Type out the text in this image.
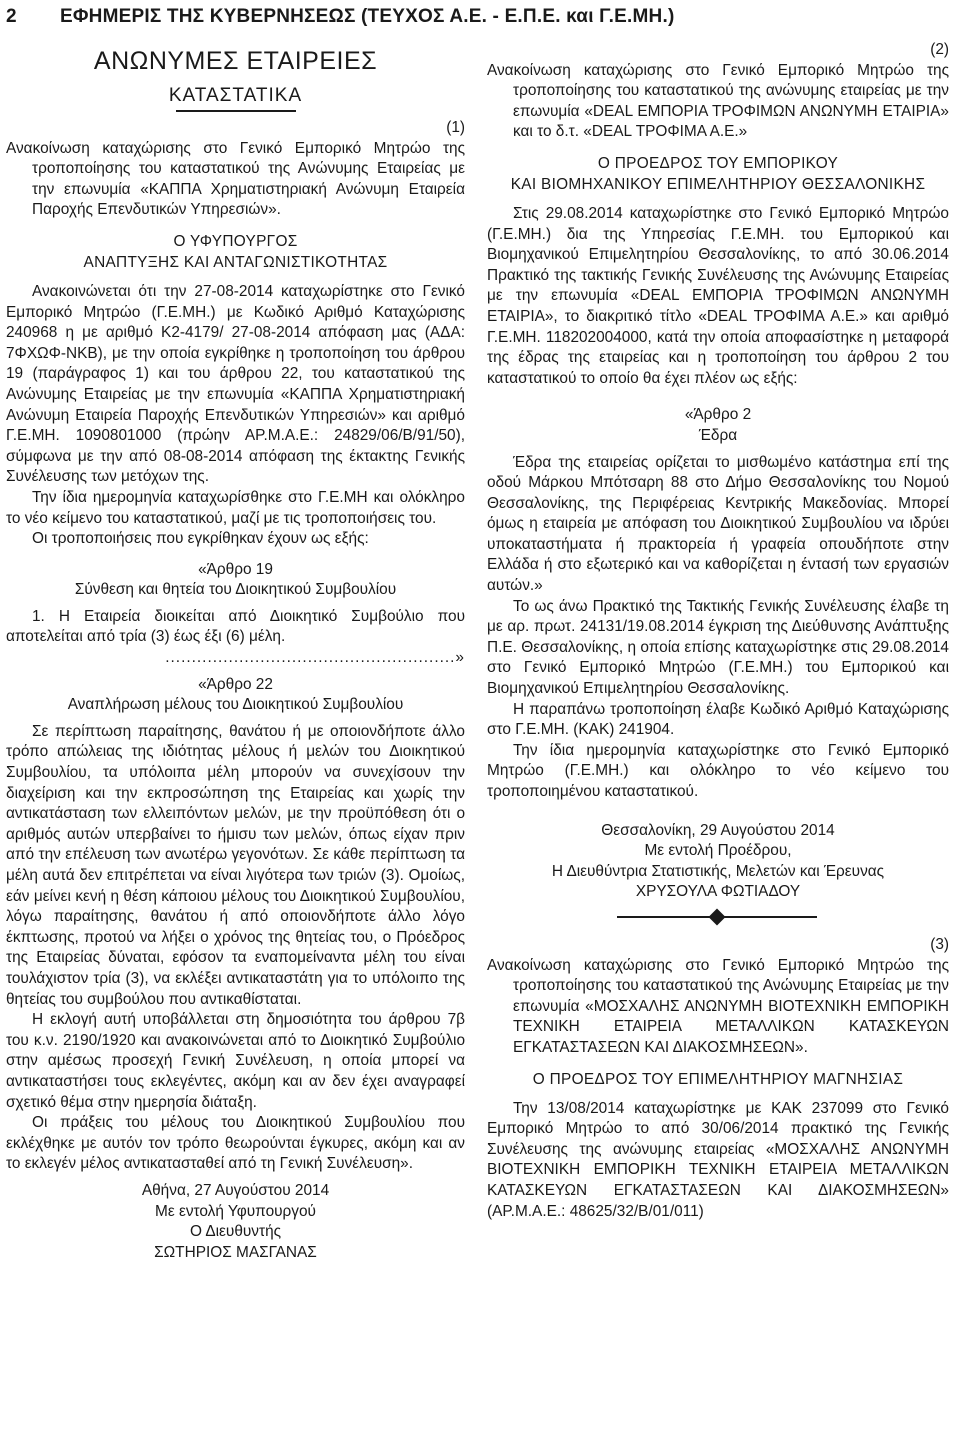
2 ΕΦΗΜΕΡΙΣ ΤΗΣ ΚΥΒΕΡΝΗΣΕΩΣ (ΤΕΥΧΟΣ Α.Ε. - Ε.Π.Ε. και Γ.Ε.ΜΗ.)
ΑΝΩΝΥΜΕΣ ΕΤΑΙΡΕΙΕΣ
ΚΑΤΑΣΤΑΤΙΚΑ
(1)
Ανακοίνωση καταχώρισης στο Γενικό Εμπορικό Μητρώο της τροποποίησης του καταστατικού της Ανώνυμης Εταιρείας με την επωνυμία «ΚΑΠΠΑ Χρηματιστηριακή Ανώνυμη Εταιρεία Παροχής Επενδυτικών Υπηρεσιών».
Ο ΥΦΥΠΟΥΡΓΟΣ
ΑΝΑΠΤΥΞΗΣ ΚΑΙ ΑΝΤΑΓΩΝΙΣΤΙΚΟΤΗΤΑΣ
Ανακοινώνεται ότι την 27-08-2014 καταχωρίστηκε στο Γενικό Εμπορικό Μητρώο (Γ.Ε.ΜΗ.) με Κωδικό Αριθμό Καταχώρισης 240968 η με αριθμό Κ2-4179/ 27-08-2014 απόφαση μας (ΑΔΑ: 7ΦΧΩΦ-ΝΚΒ), με την οποία εγκρίθηκε η τροποποίηση του άρθρου 19 (παράγραφος 1) και του άρθρου 22, του καταστατικού της Ανώνυμης Εταιρείας με την επωνυμία «ΚΑΠΠΑ Χρηματιστηριακή Ανώνυμη Εταιρεία Παροχής Επενδυτικών Υπηρεσιών» και αριθμό Γ.Ε.ΜΗ. 1090801000 (πρώην ΑΡ.Μ.Α.Ε.: 24829/06/Β/91/50), σύμφωνα με την από 08-08-2014 απόφαση της έκτακτης Γενικής Συνέλευσης των μετόχων της.
Την ίδια ημερομηνία καταχωρίσθηκε στο Γ.Ε.ΜΗ και ολόκληρο το νέο κείμενο του καταστατικού, μαζί με τις τροποποιήσεις του.
Οι τροποποιήσεις που εγκρίθηκαν έχουν ως εξής:
«Άρθρο 19
Σύνθεση και θητεία του Διοικητικού Συμβουλίου
1. Η Εταιρεία διοικείται από Διοικητικό Συμβούλιο που αποτελείται από τρία (3) έως έξι (6) μέλη.
.......................................................»
«Άρθρο 22
Αναπλήρωση μέλους του Διοικητικού Συμβουλίου
Σε περίπτωση παραίτησης, θανάτου ή με οποιονδήποτε άλλο τρόπο απώλειας της ιδιότητας μέλους ή μελών του Διοικητικού Συμβουλίου, τα υπόλοιπα μέλη μπορούν να συνεχίσουν την διαχείριση και την εκπροσώπηση της Εταιρείας και χωρίς την αντικατάσταση των ελλειπόντων μελών, με την προϋπόθεση ότι ο αριθμός αυτών υπερβαίνει το ήμισυ των μελών, όπως είχαν πριν από την επέλευση των ανωτέρω γεγονότων. Σε κάθε περίπτωση τα μέλη αυτά δεν επιτρέπεται να είναι λιγότερα των τριών (3). Ομοίως, εάν μείνει κενή η θέση κάποιου μέλους του Διοικητικού Συμβουλίου, λόγω παραίτησης, θανάτου ή από οποιονδήποτε άλλο λόγο έκπτωσης, προτού να λήξει ο χρόνος της θητείας του, ο Πρόεδρος της Εταιρείας δύναται, εφόσον τα εναπομείναντα μέλη του είναι τουλάχιστον τρία (3), να εκλέξει αντικαταστάτη για το υπόλοιπο της θητείας του συμβούλου που αντικαθίσταται.
Η εκλογή αυτή υποβάλλεται στη δημοσιότητα του άρθρου 7β του κ.ν. 2190/1920 και ανακοινώνεται από το Διοικητικό Συμβούλιο στην αμέσως προσεχή Γενική Συνέλευση, η οποία μπορεί να αντικαταστήσει τους εκλεγέντες, ακόμη και αν δεν έχει αναγραφεί σχετικό θέμα στην ημερησία διάταξη.
Οι πράξεις του μέλους του Διοικητικού Συμβουλίου που εκλέχθηκε με αυτόν τον τρόπο θεωρούνται έγκυρες, ακόμη και αν το εκλεγέν μέλος αντικατασταθεί από τη Γενική Συνέλευση».
Αθήνα, 27 Αυγούστου 2014
Με εντολή Υφυπουργού
Ο Διευθυντής
ΣΩΤΗΡΙΟΣ ΜΑΣΓΑΝΑΣ
(2)
Ανακοίνωση καταχώρισης στο Γενικό Εμπορικό Μητρώο της τροποποίησης του καταστατικού της ανώνυμης εταιρείας με την επωνυμία «DEAL ΕΜΠΟΡΙΑ ΤΡΟΦΙΜΩΝ ΑΝΩΝΥΜΗ ΕΤΑΙΡΙΑ» και το δ.τ. «DEAL ΤΡΟΦΙΜΑ Α.Ε.»
Ο ΠΡΟΕΔΡΟΣ ΤΟΥ ΕΜΠΟΡΙΚΟΥ
ΚΑΙ ΒΙΟΜΗΧΑΝΙΚΟΥ ΕΠΙΜΕΛΗΤΗΡΙΟΥ ΘΕΣΣΑΛΟΝΙΚΗΣ
Στις 29.08.2014 καταχωρίστηκε στο Γενικό Εμπορικό Μητρώο (Γ.Ε.ΜΗ.) δια της Υπηρεσίας Γ.Ε.ΜΗ. του Εμπορικού και Βιομηχανικού Επιμελητηρίου Θεσσαλονίκης, το από 30.06.2014 Πρακτικό της τακτικής Γενικής Συνέλευσης της Ανώνυμης Εταιρείας με την επωνυμία «DEAL ΕΜΠΟΡΙΑ ΤΡΟΦΙΜΩΝ ΑΝΩΝΥΜΗ ΕΤΑΙΡΙΑ», το διακριτικό τίτλο «DEAL ΤΡΟΦΙΜΑ Α.Ε.» και αριθμό Γ.Ε.ΜΗ. 118202004000, κατά την οποία αποφασίστηκε η μεταφορά της έδρας της εταιρείας και η τροποποίηση του άρθρου 2 του καταστατικού το οποίο θα έχει πλέον ως εξής:
«Άρθρο 2
Έδρα
Έδρα της εταιρείας ορίζεται το μισθωμένο κατάστημα επί της οδού Μάρκου Μπότσαρη 88 στο Δήμο Θεσσαλονίκης του Νομού Θεσσαλονίκης, της Περιφέρειας Κεντρικής Μακεδονίας. Μπορεί όμως η εταιρεία με απόφαση του Διοικητικού Συμβουλίου να ιδρύει υποκαταστήματα ή πρακτορεία ή γραφεία οπουδήποτε στην Ελλάδα ή στο εξωτερικό και να καθορίζεται η έντασή των εργασιών αυτών.»
Το ως άνω Πρακτικό της Τακτικής Γενικής Συνέλευσης έλαβε τη με αρ. πρωτ. 24131/19.08.2014 έγκριση της Διεύθυνσης Ανάπτυξης Π.Ε. Θεσσαλονίκης, η οποία επίσης καταχωρίστηκε στις 29.08.2014 στο Γενικό Εμπορικό Μητρώο (Γ.Ε.ΜΗ.) του Εμπορικού και Βιομηχανικού Επιμελητηρίου Θεσσαλονίκης.
Η παραπάνω τροποποίηση έλαβε Κωδικό Αριθμό Καταχώρισης στο Γ.Ε.ΜΗ. (ΚΑΚ) 241904.
Την ίδια ημερομηνία καταχωρίστηκε στο Γενικό Εμπορικό Μητρώο (Γ.Ε.ΜΗ.) και ολόκληρο το νέο κείμενο του τροποποιημένου καταστατικού.
Θεσσαλονίκη, 29 Αυγούστου 2014
Με εντολή Προέδρου,
Η Διευθύντρια Στατιστικής, Μελετών και Έρευνας
ΧΡΥΣΟΥΛΑ ΦΩΤΙΑΔΟΥ
(3)
Ανακοίνωση καταχώρισης στο Γενικό Εμπορικό Μητρώο της τροποποίησης του καταστατικού της Ανώνυμης Εταιρείας με την επωνυμία «ΜΟΣΧΑΛΗΣ ΑΝΩΝΥΜΗ ΒΙΟΤΕΧΝΙΚΗ ΕΜΠΟΡΙΚΗ ΤΕΧΝΙΚΗ ΕΤΑΙΡΕΙΑ ΜΕΤΑΛΛΙΚΩΝ ΚΑΤΑΣΚΕΥΩΝ ΕΓΚΑΤΑΣΤΑΣΕΩΝ ΚΑΙ ΔΙΑΚΟΣΜΗΣΕΩΝ».
Ο ΠΡΟΕΔΡΟΣ ΤΟΥ ΕΠΙΜΕΛΗΤΗΡΙΟΥ ΜΑΓΝΗΣΙΑΣ
Την 13/08/2014 καταχωρίστηκε με ΚΑΚ 237099 στο Γενικό Εμπορικό Μητρώο το από 30/06/2014 πρακτικό της Γενικής Συνέλευσης της ανώνυμης εταιρείας «ΜΟΣΧΑΛΗΣ ΑΝΩΝΥΜΗ ΒΙΟΤΕΧΝΙΚΗ ΕΜΠΟΡΙΚΗ ΤΕΧΝΙΚΗ ΕΤΑΙΡΕΙΑ ΜΕΤΑΛΛΙΚΩΝ ΚΑΤΑΣΚΕΥΩΝ ΕΓΚΑΤΑΣΤΑΣΕΩΝ ΚΑΙ ΔΙΑΚΟΣΜΗΣΕΩΝ» (ΑΡ.Μ.Α.Ε.: 48625/32/Β/01/011)
